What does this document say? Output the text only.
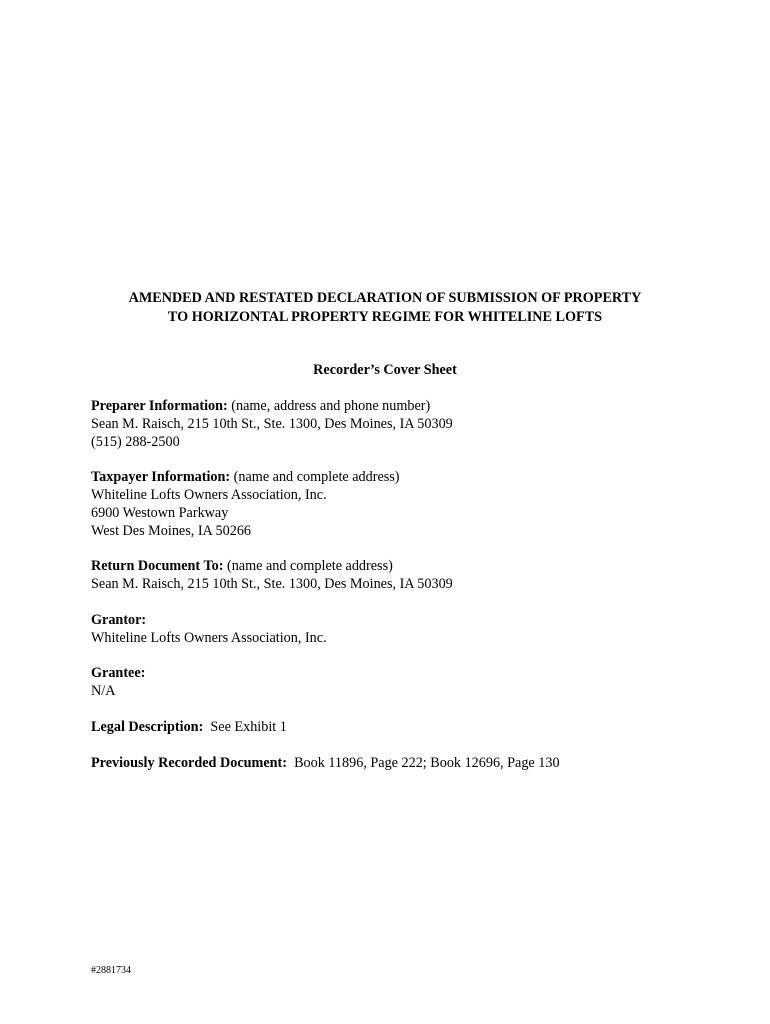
AMENDED AND RESTATED DECLARATION OF SUBMISSION OF PROPERTY
TO HORIZONTAL PROPERTY REGIME FOR WHITELINE LOFTS
Recorder’s Cover Sheet
Preparer Information: (name, address and phone number)
Sean M. Raisch, 215 10th St., Ste. 1300, Des Moines, IA 50309
(515) 288-2500
Taxpayer Information: (name and complete address)
Whiteline Lofts Owners Association, Inc.
6900 Westown Parkway
West Des Moines, IA 50266
Return Document To: (name and complete address)
Sean M. Raisch, 215 10th St., Ste. 1300, Des Moines, IA 50309
Grantor:
Whiteline Lofts Owners Association, Inc.
Grantee:
N/A
Legal Description:  See Exhibit 1
Previously Recorded Document:  Book 11896, Page 222; Book 12696, Page 130
#2881734
